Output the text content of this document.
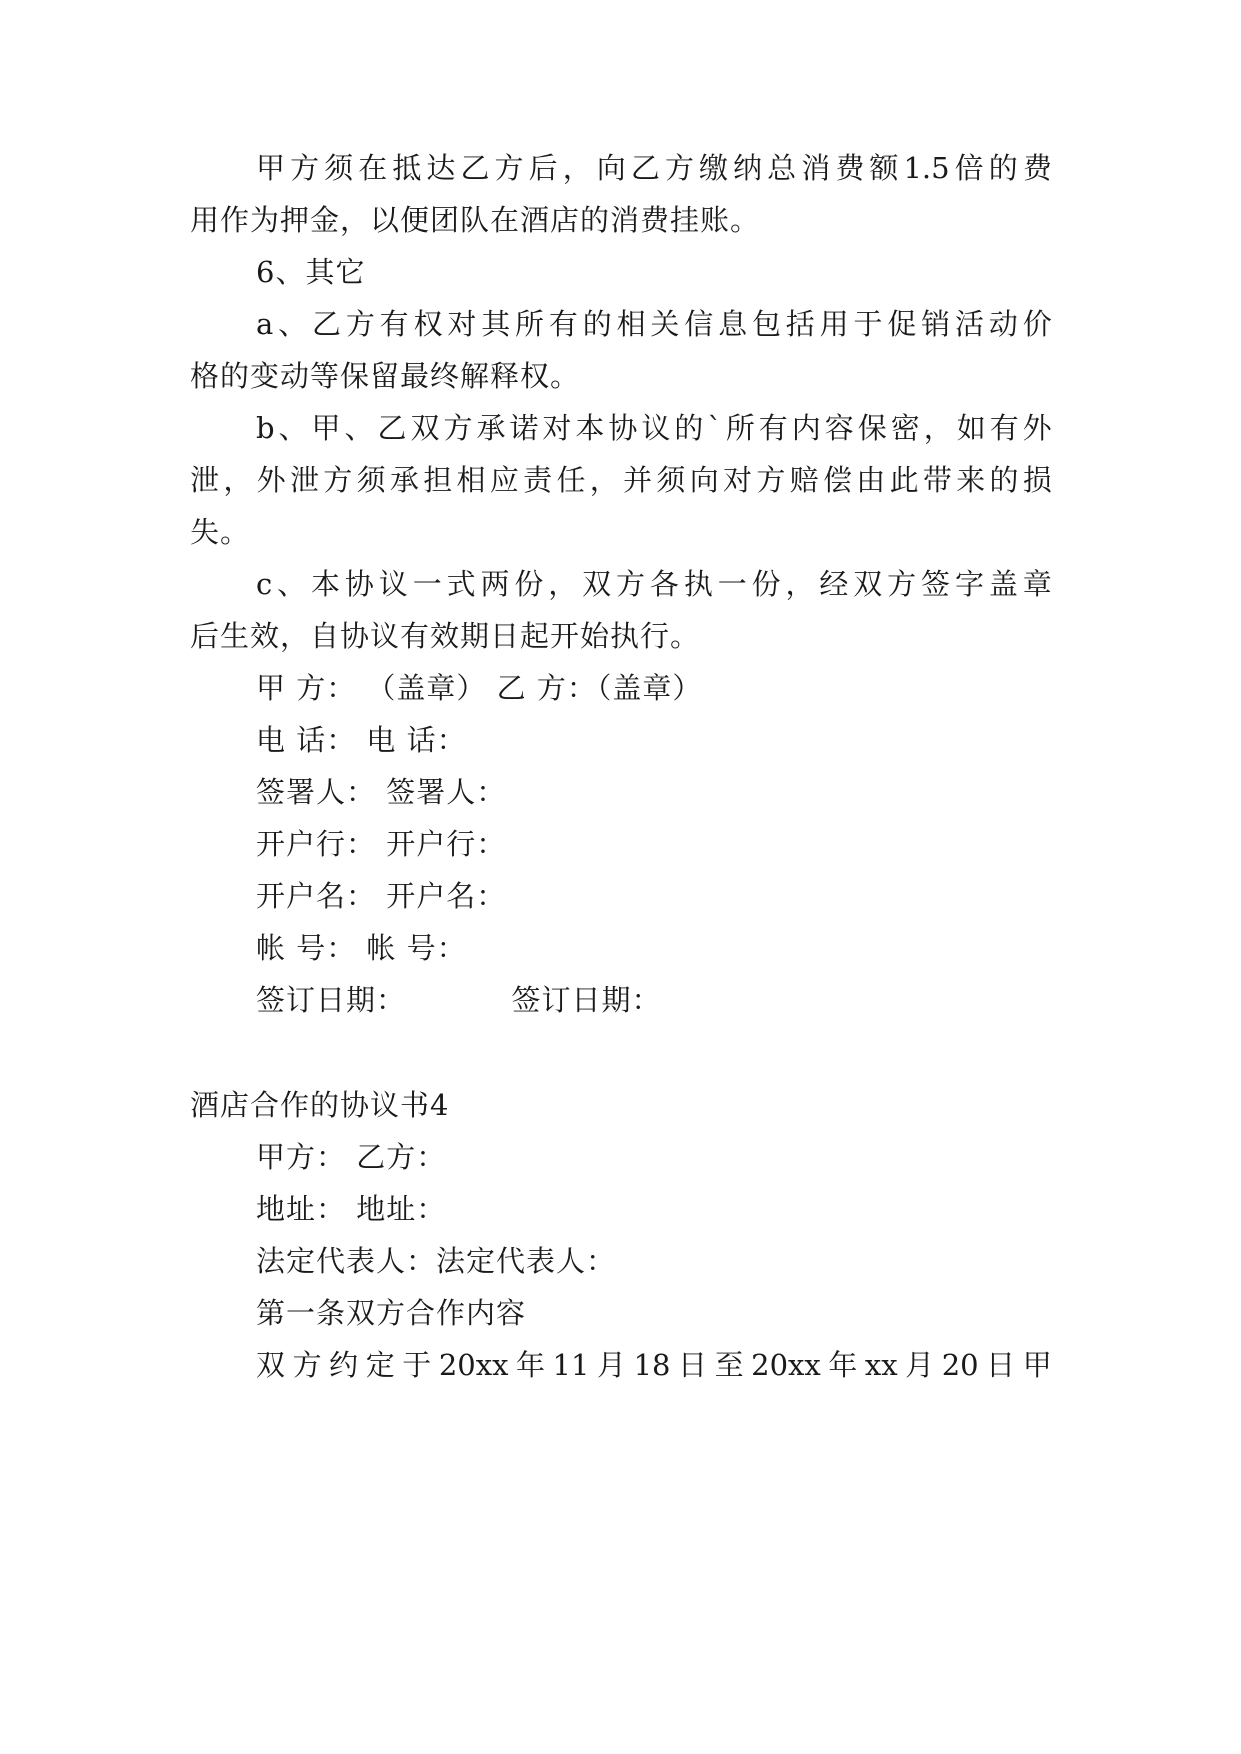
甲 方 须 在 抵 达 乙 方 后 ， 向 乙 方 缴 纳 总 消 费 额 1.5 倍 的 费
用作为押金，以便团队在酒店的消费挂账。
6、其它
a 、 乙 方 有 权 对 其 所 有 的 相 关 信 息 包 括 用 于 促 销 活 动 价
格的变动等保留最终解释权。
b 、 甲 、 乙 双 方 承 诺 对 本 协 议 的 ` 所 有 内 容 保 密 ， 如 有 外
泄 ， 外 泄 方 须 承 担 相 应 责 任 ， 并 须 向 对 方 赔 偿 由 此 带 来 的 损
失。
c 、 本 协 议 一 式 两 份 ， 双 方 各 执 一 份 ， 经 双 方 签 字 盖 章
后生效，自协议有效期日起开始执行。
甲 方： （盖章） 乙 方：（盖章）
电 话： 电 话：
签署人： 签署人：
开户行： 开户行：
开户名： 开户名：
帐 号： 帐 号：
签订日期：　　　　签订日期：
酒店合作的协议书4
甲方： 乙方：
地址： 地址：
法定代表人：法定代表人：
第一条双方合作内容
双 方 约 定 于 20xx 年 11 月 18 日 至 20xx 年 xx 月 20 日 甲
